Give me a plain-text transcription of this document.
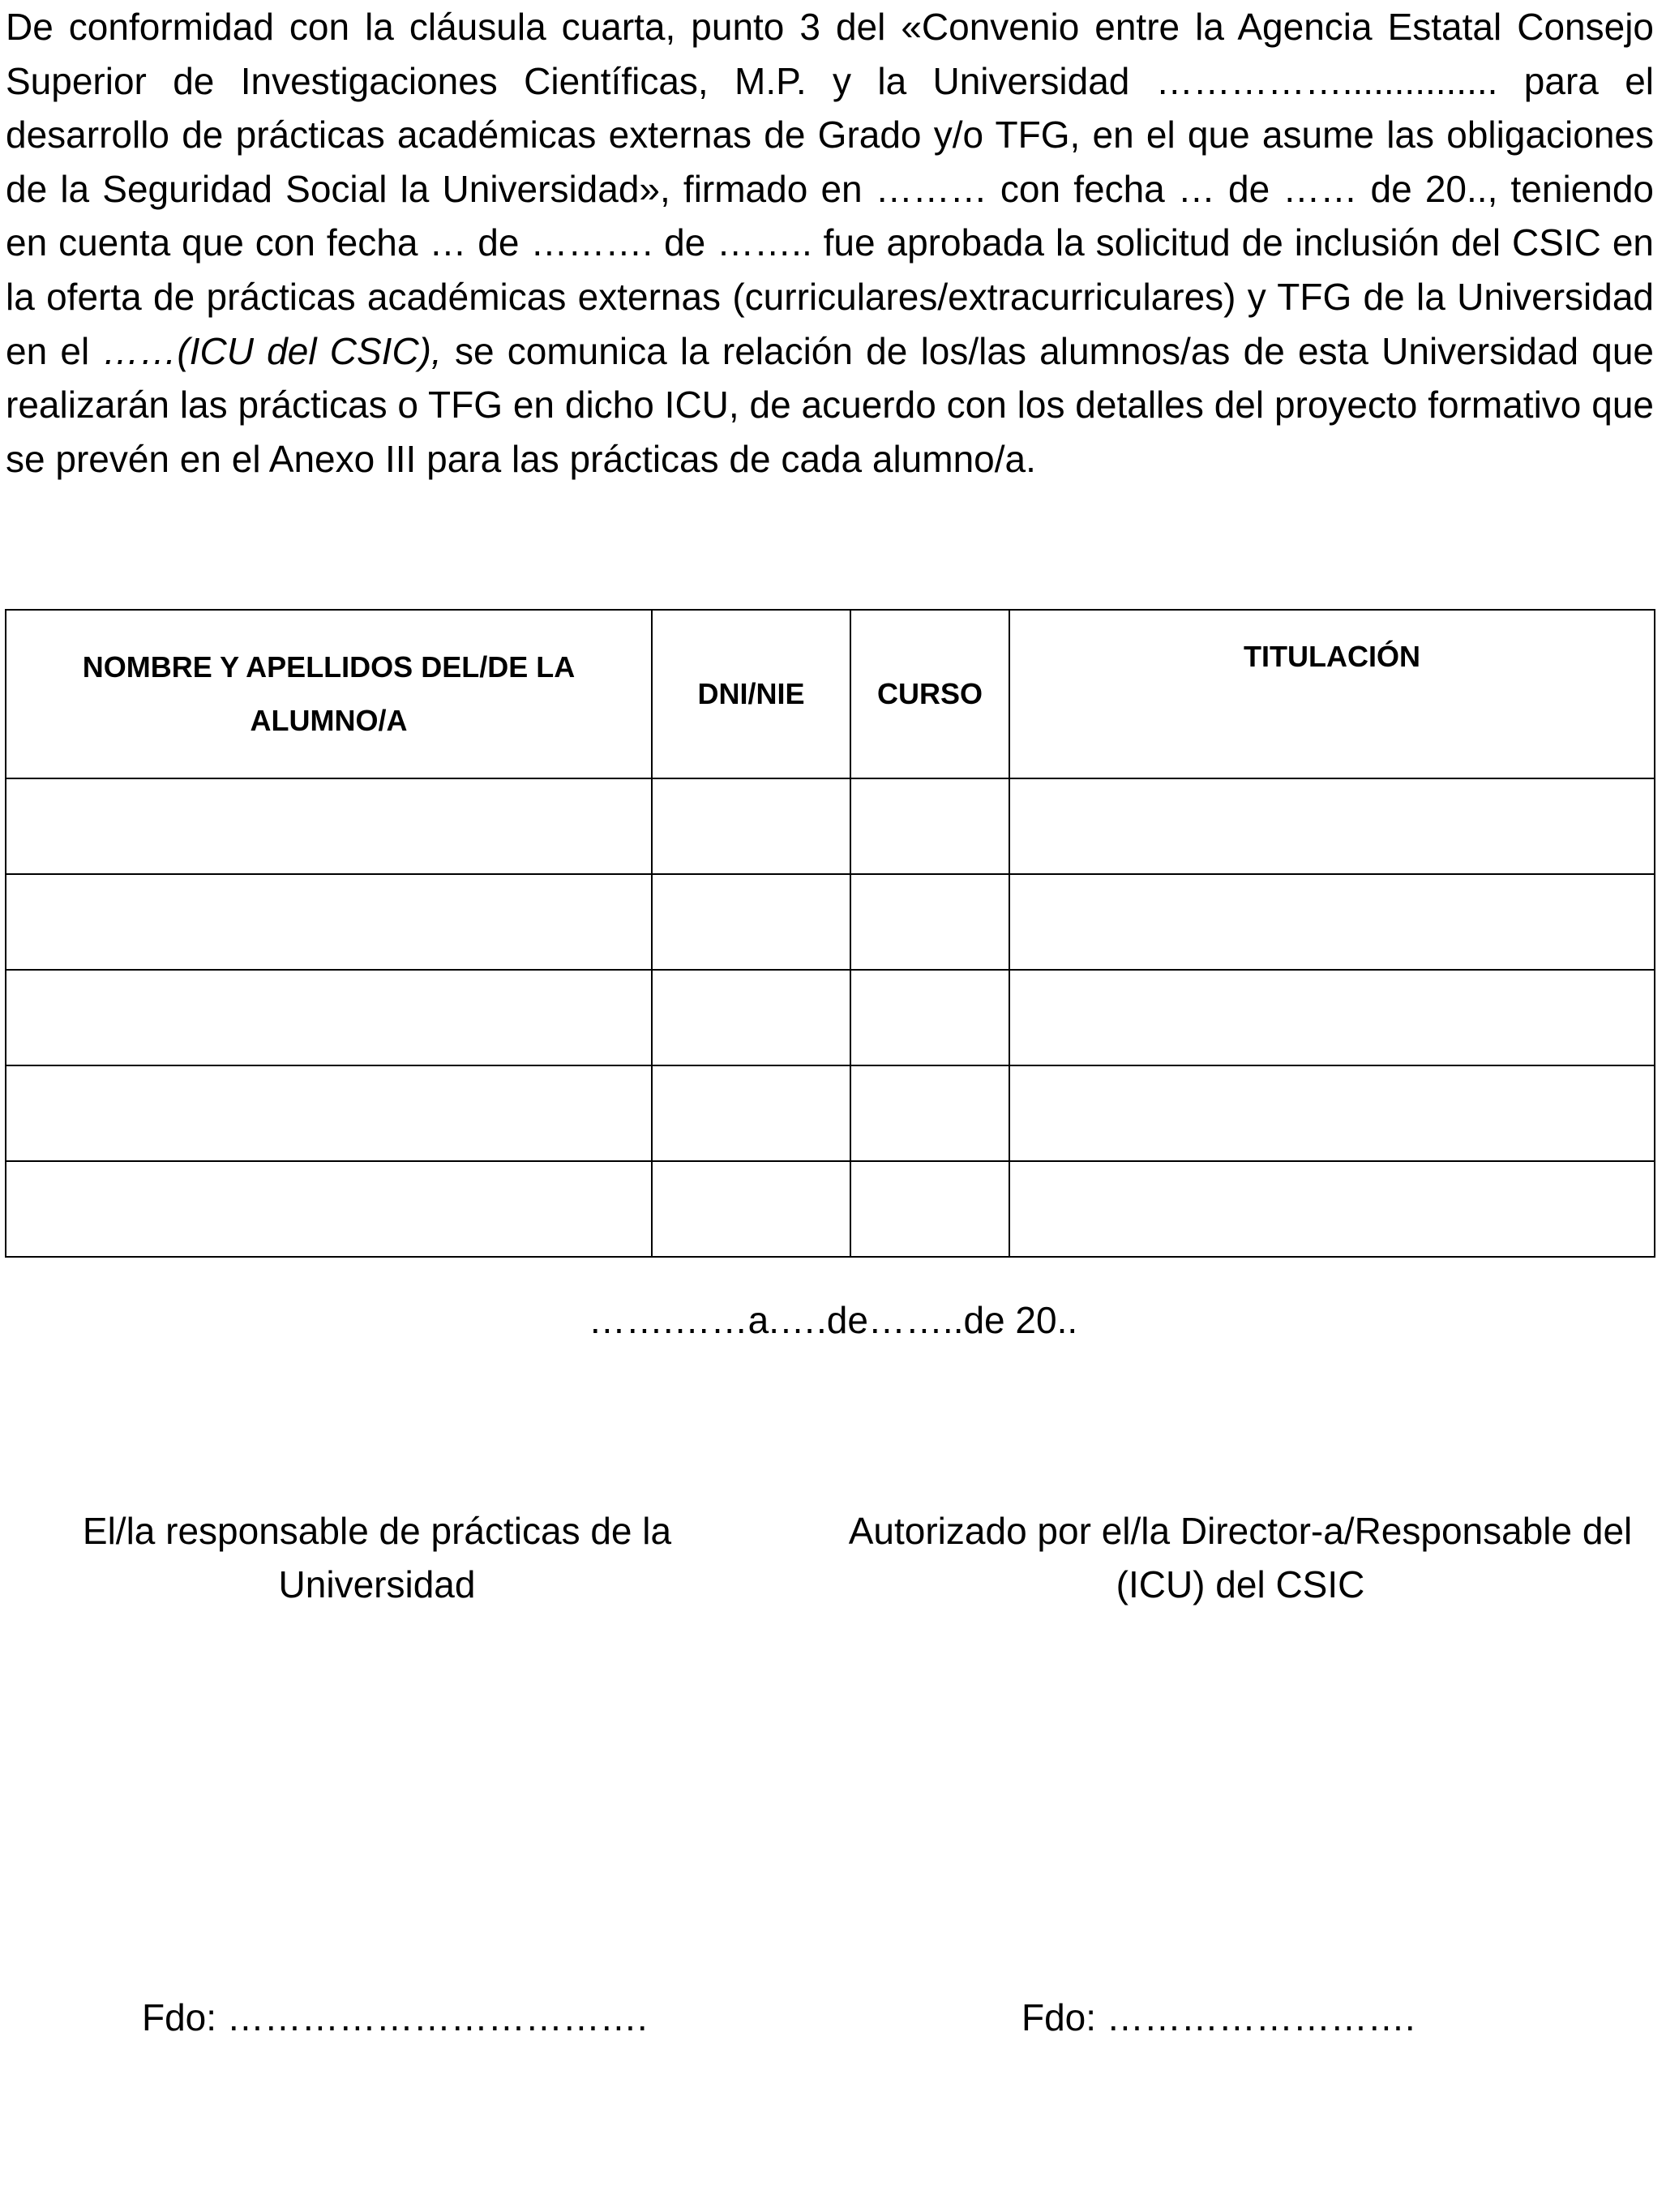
De conformidad con la cláusula cuarta, punto 3 del «Convenio entre la Agencia Estatal Consejo Superior de Investigaciones Científicas, M.P. y la Universidad ……………............... para el desarrollo de prácticas académicas externas de Grado y/o TFG, en el que asume las obligaciones de la Seguridad Social la Universidad», firmado en ……… con fecha … de …… de 20.., teniendo en cuenta que con fecha … de ………. de …….. fue aprobada la solicitud de inclusión del CSIC en la oferta de prácticas académicas externas (curriculares/extracurriculares) y TFG de la Universidad en el ……(ICU del CSIC), se comunica la relación de los/las alumnos/as de esta Universidad que realizarán las prácticas o TFG en dicho ICU, de acuerdo con los detalles del proyecto formativo que se prevén en el Anexo III para las prácticas de cada alumno/a.

NOMBRE Y APELLIDOS DEL/DE LA ALUMNO/A	DNI/NIE	CURSO	TITULACIÓN

…….……a.….de……..de 20..
El/la responsable de prácticas de la Universidad
Autorizado por el/la Director-a/Responsable del (ICU) del CSIC
Fdo: …………………………….	Fdo: …………………….
